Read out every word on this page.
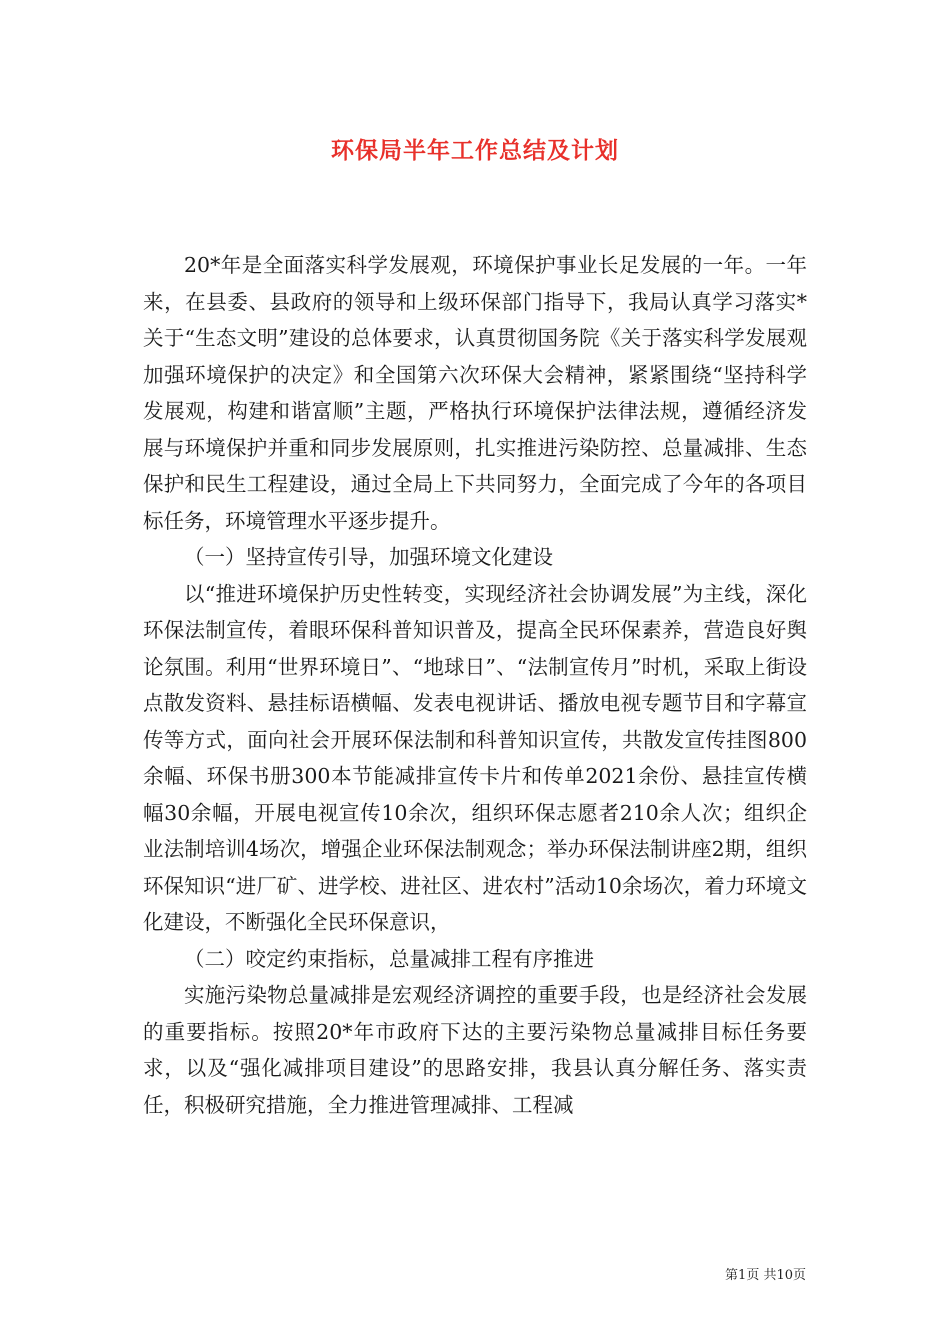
环保局半年工作总结及计划

20*年是全面落实科学发展观，环境保护事业长足发展的一年。一年来，在县委、县政府的领导和上级环保部门指导下，我局认真学习落实*关于“生态文明”建设的总体要求，认真贯彻国务院《关于落实科学发展观加强环境保护的决定》和全国第六次环保大会精神，紧紧围绕“坚持科学发展观，构建和谐富顺”主题，严格执行环境保护法律法规，遵循经济发展与环境保护并重和同步发展原则，扎实推进污染防控、总量减排、生态保护和民生工程建设，通过全局上下共同努力，全面完成了今年的各项目标任务，环境管理水平逐步提升。

（一）坚持宣传引导，加强环境文化建设

以“推进环境保护历史性转变，实现经济社会协调发展”为主线，深化环保法制宣传，着眼环保科普知识普及，提高全民环保素养，营造良好舆论氛围。利用“世界环境日”、“地球日”、“法制宣传月”时机，采取上街设点散发资料、悬挂标语横幅、发表电视讲话、播放电视专题节目和字幕宣传等方式，面向社会开展环保法制和科普知识宣传，共散发宣传挂图800余幅、环保书册300本节能减排宣传卡片和传单2021余份、悬挂宣传横幅30余幅，开展电视宣传10余次，组织环保志愿者210余人次；组织企业法制培训4场次，增强企业环保法制观念；举办环保法制讲座2期，组织环保知识“进厂矿、进学校、进社区、进农村”活动10余场次，着力环境文化建设，不断强化全民环保意识，

（二）咬定约束指标，总量减排工程有序推进

实施污染物总量减排是宏观经济调控的重要手段，也是经济社会发展的重要指标。按照20*年市政府下达的主要污染物总量减排目标任务要求，以及“强化减排项目建设”的思路安排，我县认真分解任务、落实责任，积极研究措施，全力推进管理减排、工程减

第1页 共10页
